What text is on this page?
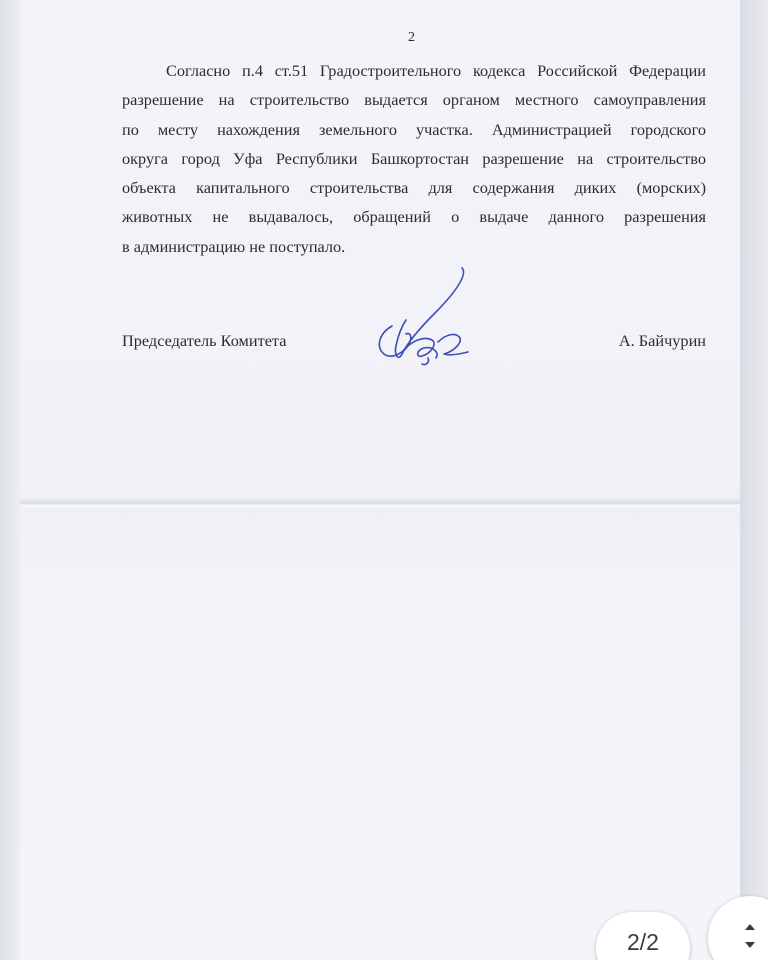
2

Согласно п.4 ст.51 Градостроительного кодекса Российской Федерации
разрешение на строительство выдается органом местного самоуправления
по месту нахождения земельного участка. Администрацией городского
округа город Уфа Республики Башкортостан разрешение на строительство
объекта капитального строительства для содержания диких (морских)
животных не выдавалось, обращений о выдаче данного разрешения
в администрацию не поступало.

Председатель Комитета	А. Байчурин
2/2
